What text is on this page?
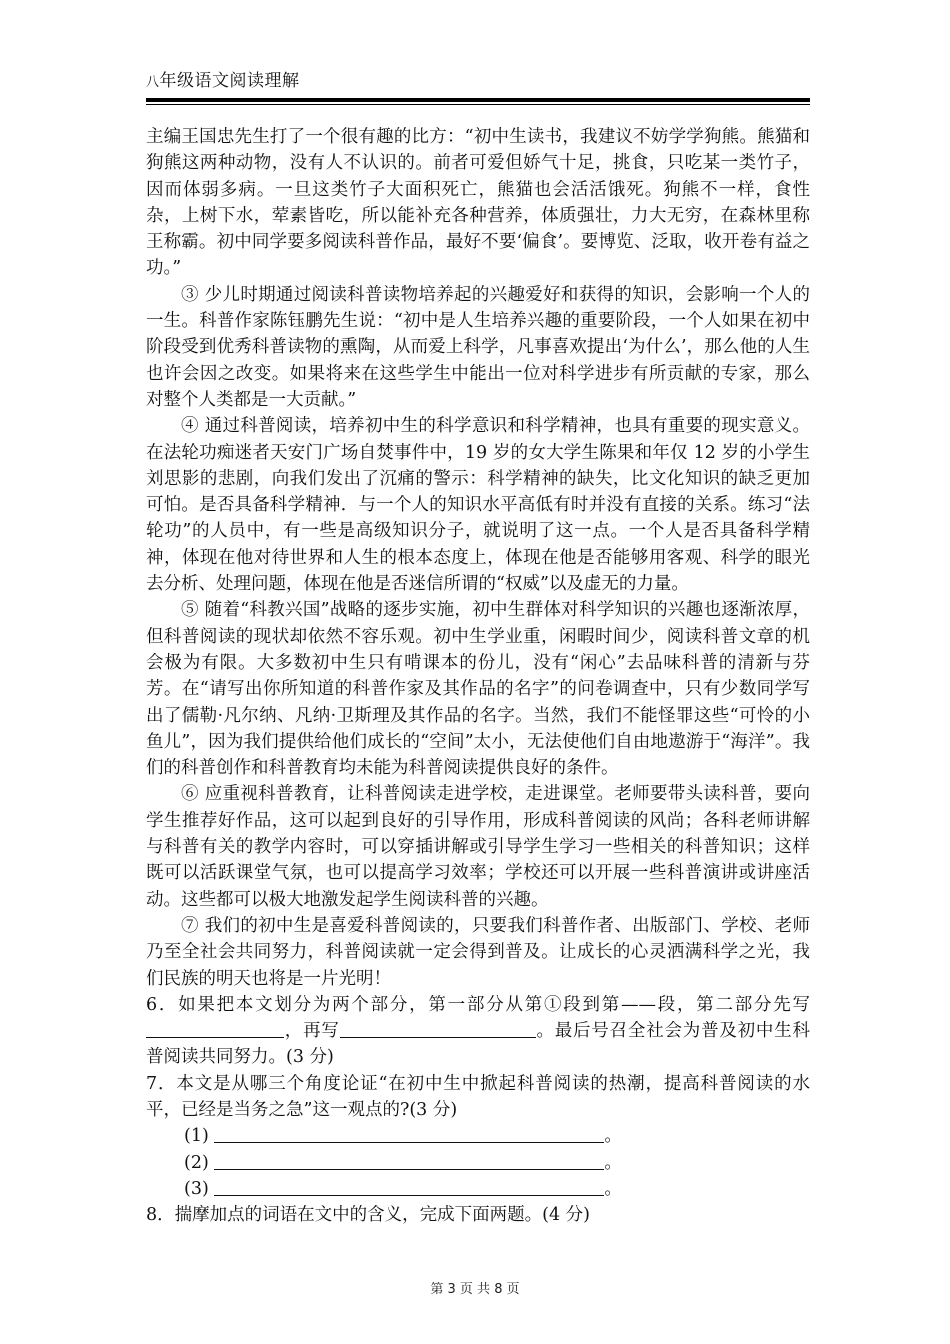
八年级语文阅读理解

主编王国忠先生打了一个很有趣的比方：“初中生读书，我建议不妨学学狗熊。熊猫和狗熊这两种动物，没有人不认识的。前者可爱但娇气十足，挑食，只吃某一类竹子，因而体弱多病。一旦这类竹子大面积死亡，熊猫也会活活饿死。狗熊不一样，食性杂，上树下水，荤素皆吃，所以能补充各种营养，体质强壮，力大无穷，在森林里称王称霸。初中同学要多阅读科普作品，最好不要‘偏食’。要博览、泛取，收开卷有益之功。”

③ 少儿时期通过阅读科普读物培养起的兴趣爱好和获得的知识，会影响一个人的一生。科普作家陈钰鹏先生说：“初中是人生培养兴趣的重要阶段，一个人如果在初中阶段受到优秀科普读物的熏陶，从而爱上科学，凡事喜欢提出‘为什么’，那么他的人生也许会因之改变。如果将来在这些学生中能出一位对科学进步有所贡献的专家，那么对整个人类都是一大贡献。”

④ 通过科普阅读，培养初中生的科学意识和科学精神，也具有重要的现实意义。在法轮功痴迷者天安门广场自焚事件中，19 岁的女大学生陈果和年仅 12 岁的小学生刘思影的悲剧，向我们发出了沉痛的警示：科学精神的缺失，比文化知识的缺乏更加可怕。是否具备科学精神．与一个人的知识水平高低有时并没有直接的关系。练习“法轮功”的人员中，有一些是高级知识分子，就说明了这一点。一个人是否具备科学精神，体现在他对待世界和人生的根本态度上，体现在他是否能够用客观、科学的眼光去分析、处理问题，体现在他是否迷信所谓的“权威”以及虚无的力量。

⑤ 随着“科教兴国”战略的逐步实施，初中生群体对科学知识的兴趣也逐渐浓厚，但科普阅读的现状却依然不容乐观。初中生学业重，闲暇时间少，阅读科普文章的机会极为有限。大多数初中生只有啃课本的份儿，没有“闲心”去品味科普的清新与芬芳。在“请写出你所知道的科普作家及其作品的名字”的问卷调查中，只有少数同学写出了儒勒·凡尔纳、凡纳·卫斯理及其作品的名字。当然，我们不能怪罪这些“可怜的小鱼儿”，因为我们提供给他们成长的“空间”太小，无法使他们自由地遨游于“海洋”。我们的科普创作和科普教育均未能为科普阅读提供良好的条件。

⑥ 应重视科普教育，让科普阅读走进学校，走进课堂。老师要带头读科普，要向学生推荐好作品，这可以起到良好的引导作用，形成科普阅读的风尚；各科老师讲解与科普有关的教学内容时，可以穿插讲解或引导学生学习一些相关的科普知识；这样既可以活跃课堂气氛，也可以提高学习效率；学校还可以开展一些科普演讲或讲座活动。这些都可以极大地激发起学生阅读科普的兴趣。

⑦ 我们的初中生是喜爱科普阅读的，只要我们科普作者、出版部门、学校、老师乃至全社会共同努力，科普阅读就一定会得到普及。让成长的心灵洒满科学之光，我们民族的明天也将是一片光明！

6．如果把本文划分为两个部分，第一部分从第①段到第——段，第二部分先写，再写	。最后号召全社会为普及初中生科普阅读共同努力。(3 分)

7．本文是从哪三个角度论证“在初中生中掀起科普阅读的热潮，提高科普阅读的水平，已经是当务之急”这一观点的?(3 分)

(1)	。
(2)	。
(3)	。

8．揣摩加点的词语在文中的含义，完成下面两题。(4 分)

第 3 页 共 8 页
